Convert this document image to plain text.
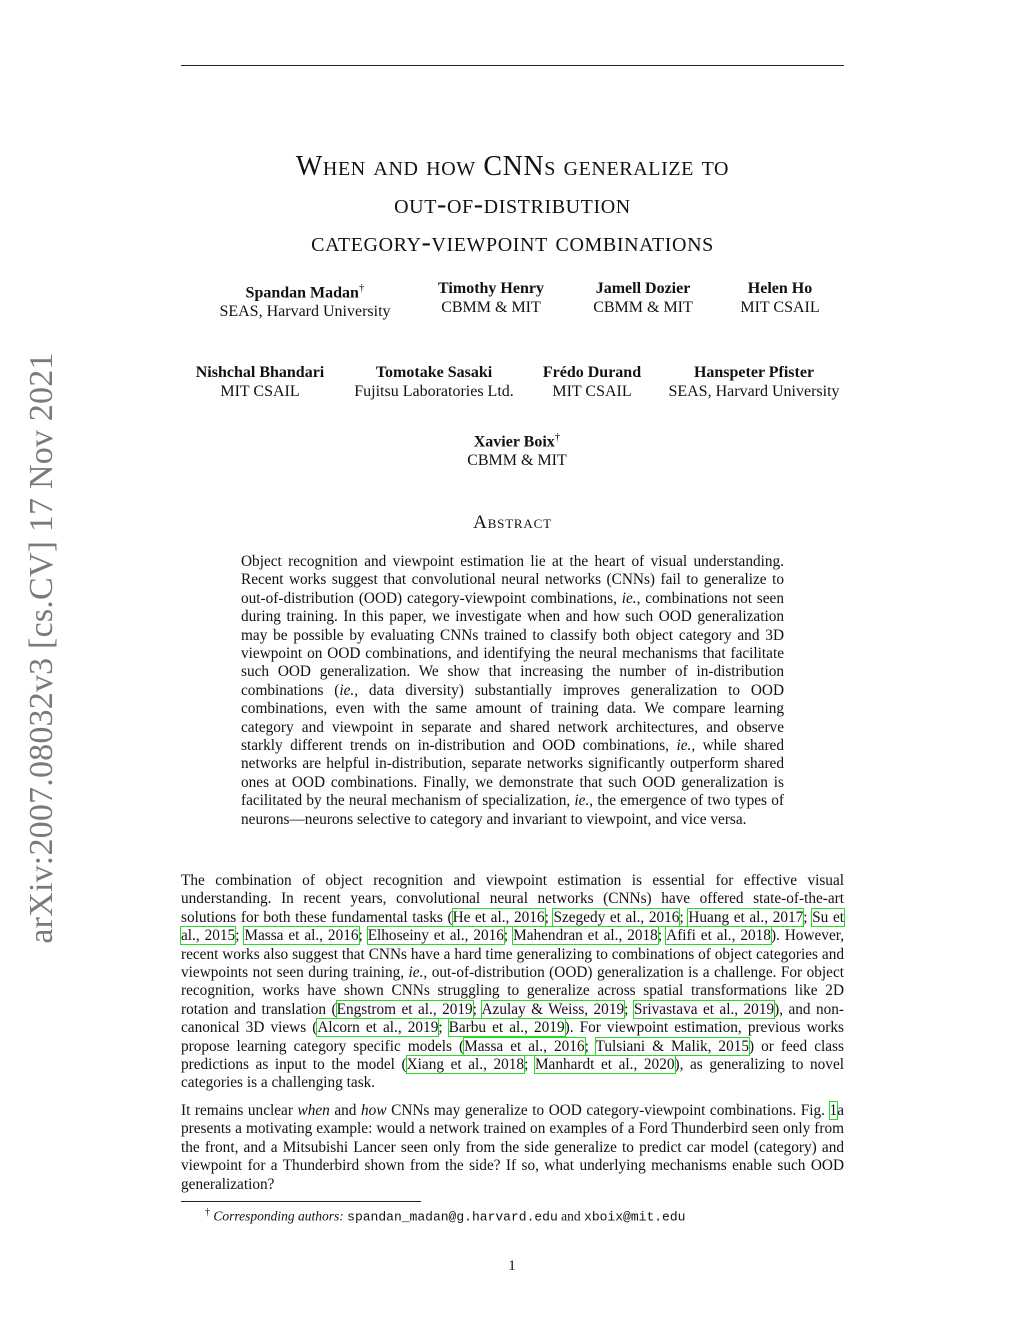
arXiv:2007.08032v3 [cs.CV] 17 Nov 2021
When and how CNNs generalize to
out-of-distribution
category-viewpoint combinations
Spandan Madan†
SEAS, Harvard University
Timothy Henry
CBMM & MIT
Jamell Dozier
CBMM & MIT
Helen Ho
MIT CSAIL
Nishchal Bhandari
MIT CSAIL
Tomotake Sasaki
Fujitsu Laboratories Ltd.
Frédo Durand
MIT CSAIL
Hanspeter Pfister
SEAS, Harvard University
Xavier Boix†
CBMM & MIT
Abstract
Object recognition and viewpoint estimation lie at the heart of visual understanding. Recent works suggest that convolutional neural networks (CNNs) fail to generalize to out-of-distribution (OOD) category-viewpoint combinations, ie., combinations not seen during training. In this paper, we investigate when and how such OOD generalization may be possible by evaluating CNNs trained to classify both object category and 3D viewpoint on OOD combinations, and identifying the neural mechanisms that facilitate such OOD generalization. We show that increasing the number of in-distribution combinations (ie., data diversity) substantially improves generalization to OOD combinations, even with the same amount of training data. We compare learning category and viewpoint in separate and shared network architectures, and observe starkly different trends on in-distribution and OOD combinations, ie., while shared networks are helpful in-distribution, separate networks significantly outperform shared ones at OOD combinations. Finally, we demonstrate that such OOD generalization is facilitated by the neural mechanism of specialization, ie., the emergence of two types of neurons—neurons selective to category and invariant to viewpoint, and vice versa.
The combination of object recognition and viewpoint estimation is essential for effective visual understanding. In recent years, convolutional neural networks (CNNs) have offered state-of-the-art solutions for both these fundamental tasks (He et al., 2016; Szegedy et al., 2016; Huang et al., 2017; Su et al., 2015; Massa et al., 2016; Elhoseiny et al., 2016; Mahendran et al., 2018; Afifi et al., 2018). However, recent works also suggest that CNNs have a hard time generalizing to combinations of object categories and viewpoints not seen during training, ie., out-of-distribution (OOD) generalization is a challenge. For object recognition, works have shown CNNs struggling to generalize across spatial transformations like 2D rotation and translation (Engstrom et al., 2019; Azulay & Weiss, 2019; Srivastava et al., 2019), and non-canonical 3D views (Alcorn et al., 2019; Barbu et al., 2019). For viewpoint estimation, previous works propose learning category specific models (Massa et al., 2016; Tulsiani & Malik, 2015) or feed class predictions as input to the model (Xiang et al., 2018; Manhardt et al., 2020), as generalizing to novel categories is a challenging task.
It remains unclear when and how CNNs may generalize to OOD category-viewpoint combinations. Fig. 1a presents a motivating example: would a network trained on examples of a Ford Thunderbird seen only from the front, and a Mitsubishi Lancer seen only from the side generalize to predict car model (category) and viewpoint for a Thunderbird shown from the side? If so, what underlying mechanisms enable such OOD generalization?
† Corresponding authors: spandan_madan@g.harvard.edu and xboix@mit.edu
1
